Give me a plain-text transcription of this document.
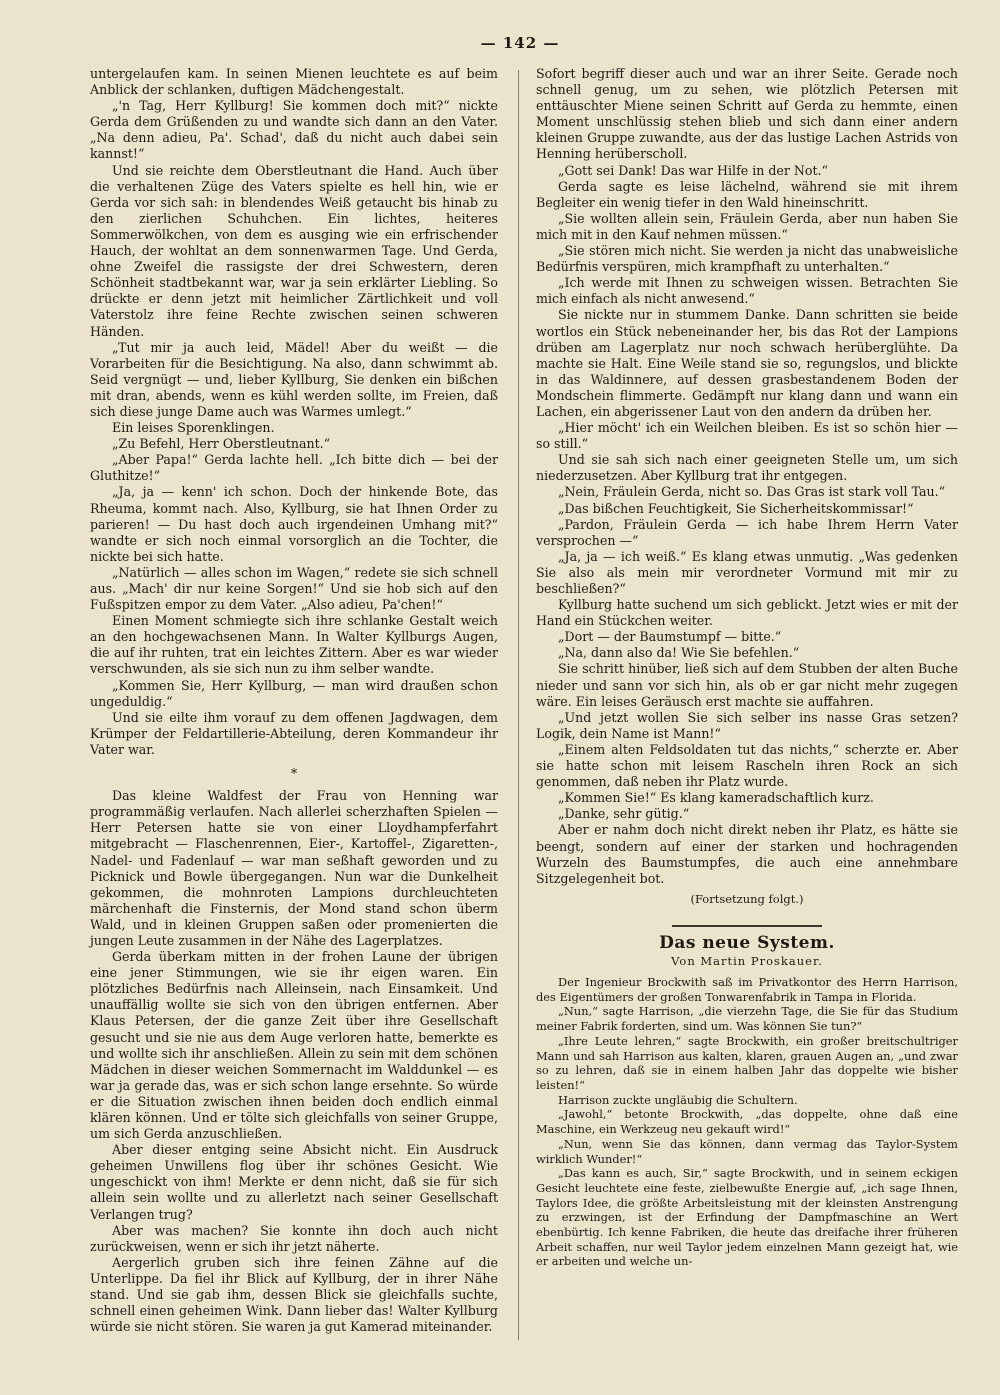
— 142 —

untergelaufen kam. In seinen Mienen leuchtete es auf beim Anblick der schlanken, duftigen Mädchengestalt.

„'n Tag, Herr Kyllburg! Sie kommen doch mit?“ nickte Gerda dem Grüßenden zu und wandte sich dann an den Vater. „Na denn adieu, Pa'. Schad', daß du nicht auch dabei sein kannst!“

Und sie reichte dem Oberstleutnant die Hand. Auch über die verhaltenen Züge des Vaters spielte es hell hin, wie er Gerda vor sich sah: in blendendes Weiß getaucht bis hinab zu den zierlichen Schuhchen. Ein lichtes, heiteres Sommerwölkchen, von dem es ausging wie ein erfrischender Hauch, der wohltat an dem sonnenwarmen Tage. Und Gerda, ohne Zweifel die rassigste der drei Schwestern, deren Schönheit stadtbekannt war, war ja sein erklärter Liebling. So drückte er denn jetzt mit heimlicher Zärtlichkeit und voll Vaterstolz ihre feine Rechte zwischen seinen schweren Händen.

„Tut mir ja auch leid, Mädel! Aber du weißt — die Vorarbeiten für die Besichtigung. Na also, dann schwimmt ab. Seid vergnügt — und, lieber Kyllburg, Sie denken ein bißchen mit dran, abends, wenn es kühl werden sollte, im Freien, daß sich diese junge Dame auch was Warmes umlegt.“

Ein leises Sporenklingen.

„Zu Befehl, Herr Oberstleutnant.“

„Aber Papa!“ Gerda lachte hell. „Ich bitte dich — bei der Gluthitze!“

„Ja, ja — kenn' ich schon. Doch der hinkende Bote, das Rheuma, kommt nach. Also, Kyllburg, sie hat Ihnen Order zu parieren! — Du hast doch auch irgendeinen Umhang mit?“ wandte er sich noch einmal vorsorglich an die Tochter, die nickte bei sich hatte.

„Natürlich — alles schon im Wagen,“ redete sie sich schnell aus. „Mach' dir nur keine Sorgen!“ Und sie hob sich auf den Fußspitzen empor zu dem Vater. „Also adieu, Pa'chen!“

Einen Moment schmiegte sich ihre schlanke Gestalt weich an den hochgewachsenen Mann. In Walter Kyllburgs Augen, die auf ihr ruhten, trat ein leichtes Zittern. Aber es war wieder verschwunden, als sie sich nun zu ihm selber wandte.

„Kommen Sie, Herr Kyllburg, — man wird draußen schon ungeduldig.“

Und sie eilte ihm vorauf zu dem offenen Jagdwagen, dem Krümper der Feldartillerie-Abteilung, deren Kommandeur ihr Vater war.

*

Das kleine Waldfest der Frau von Henning war programmäßig verlaufen. Nach allerlei scherzhaften Spielen — Herr Petersen hatte sie von einer Lloydhampferfahrt mitgebracht — Flaschenrennen, Eier-, Kartoffel-, Zigaretten-, Nadel- und Fadenlauf — war man seßhaft geworden und zu Picknick und Bowle übergegangen. Nun war die Dunkelheit gekommen, die mohnroten Lampions durchleuchteten märchenhaft die Finsternis, der Mond stand schon überm Wald, und in kleinen Gruppen saßen oder promenierten die jungen Leute zusammen in der Nähe des Lagerplatzes.

Gerda überkam mitten in der frohen Laune der übrigen eine jener Stimmungen, wie sie ihr eigen waren. Ein plötzliches Bedürfnis nach Alleinsein, nach Einsamkeit. Und unauffällig wollte sie sich von den übrigen entfernen. Aber Klaus Petersen, der die ganze Zeit über ihre Gesellschaft gesucht und sie nie aus dem Auge verloren hatte, bemerkte es und wollte sich ihr anschließen. Allein zu sein mit dem schönen Mädchen in dieser weichen Sommernacht im Walddunkel — es war ja gerade das, was er sich schon lange ersehnte. So würde er die Situation zwischen ihnen beiden doch endlich einmal klären können. Und er tölte sich gleichfalls von seiner Gruppe, um sich Gerda anzuschließen.

Aber dieser entging seine Absicht nicht. Ein Ausdruck geheimen Unwillens flog über ihr schönes Gesicht. Wie ungeschickt von ihm! Merkte er denn nicht, daß sie für sich allein sein wollte und zu allerletzt nach seiner Gesellschaft Verlangen trug?

Aber was machen? Sie konnte ihn doch auch nicht zurückweisen, wenn er sich ihr jetzt näherte.

Aergerlich gruben sich ihre feinen Zähne auf die Unterlippe. Da fiel ihr Blick auf Kyllburg, der in ihrer Nähe stand. Und sie gab ihm, dessen Blick sie gleichfalls suchte, schnell einen geheimen Wink. Dann lieber das! Walter Kyllburg würde sie nicht stören. Sie waren ja gut Kamerad miteinander.

Sofort begriff dieser auch und war an ihrer Seite. Gerade noch schnell genug, um zu sehen, wie plötzlich Petersen mit enttäuschter Miene seinen Schritt auf Gerda zu hemmte, einen Moment unschlüssig stehen blieb und sich dann einer andern kleinen Gruppe zuwandte, aus der das lustige Lachen Astrids von Henning herüberscholl.

„Gott sei Dank! Das war Hilfe in der Not.“

Gerda sagte es leise lächelnd, während sie mit ihrem Begleiter ein wenig tiefer in den Wald hineinschritt.

„Sie wollten allein sein, Fräulein Gerda, aber nun haben Sie mich mit in den Kauf nehmen müssen.“

„Sie stören mich nicht. Sie werden ja nicht das unabweisliche Bedürfnis verspüren, mich krampfhaft zu unterhalten.“

„Ich werde mit Ihnen zu schweigen wissen. Betrachten Sie mich einfach als nicht anwesend.“

Sie nickte nur in stummem Danke. Dann schritten sie beide wortlos ein Stück nebeneinander her, bis das Rot der Lampions drüben am Lagerplatz nur noch schwach herüberglühte. Da machte sie Halt. Eine Weile stand sie so, regungslos, und blickte in das Waldinnere, auf dessen grasbestandenem Boden der Mondschein flimmerte. Gedämpft nur klang dann und wann ein Lachen, ein abgerissener Laut von den andern da drüben her.

„Hier möcht' ich ein Weilchen bleiben. Es ist so schön hier — so still.“

Und sie sah sich nach einer geeigneten Stelle um, um sich niederzusetzen. Aber Kyllburg trat ihr entgegen.

„Nein, Fräulein Gerda, nicht so. Das Gras ist stark voll Tau.“

„Das bißchen Feuchtigkeit, Sie Sicherheitskommissar!“

„Pardon, Fräulein Gerda — ich habe Ihrem Herrn Vater versprochen —“

„Ja, ja — ich weiß.“ Es klang etwas unmutig. „Was gedenken Sie also als mein mir verordneter Vormund mit mir zu beschließen?“

Kyllburg hatte suchend um sich geblickt. Jetzt wies er mit der Hand ein Stückchen weiter.

„Dort — der Baumstumpf — bitte.“

„Na, dann also da! Wie Sie befehlen.“

Sie schritt hinüber, ließ sich auf dem Stubben der alten Buche nieder und sann vor sich hin, als ob er gar nicht mehr zugegen wäre. Ein leises Geräusch erst machte sie auffahren.

„Und jetzt wollen Sie sich selber ins nasse Gras setzen? Logik, dein Name ist Mann!“

„Einem alten Feldsoldaten tut das nichts,“ scherzte er. Aber sie hatte schon mit leisem Rascheln ihren Rock an sich genommen, daß neben ihr Platz wurde.

„Kommen Sie!“ Es klang kameradschaftlich kurz.

„Danke, sehr gütig.“

Aber er nahm doch nicht direkt neben ihr Platz, es hätte sie beengt, sondern auf einer der starken und hochragenden Wurzeln des Baumstumpfes, die auch eine annehmbare Sitzgelegenheit bot.

(Fortsetzung folgt.)
Das neue System.
Von Martin Proskauer.

Der Ingenieur Brockwith saß im Privatkontor des Herrn Harrison, des Eigentümers der großen Tonwarenfabrik in Tampa in Florida.

„Nun,“ sagte Harrison, „die vierzehn Tage, die Sie für das Studium meiner Fabrik forderten, sind um. Was können Sie tun?“

„Ihre Leute lehren,“ sagte Brockwith, ein großer breitschultriger Mann und sah Harrison aus kalten, klaren, grauen Augen an, „und zwar so zu lehren, daß sie in einem halben Jahr das doppelte wie bisher leisten!“

Harrison zuckte ungläubig die Schultern.

„Jawohl,“ betonte Brockwith, „das doppelte, ohne daß eine Maschine, ein Werkzeug neu gekauft wird!“

„Nun, wenn Sie das können, dann vermag das Taylor-System wirklich Wunder!“

„Das kann es auch, Sir,“ sagte Brockwith, und in seinem eckigen Gesicht leuchtete eine feste, zielbewußte Energie auf, „ich sage Ihnen, Taylors Idee, die größte Arbeitsleistung mit der kleinsten Anstrengung zu erzwingen, ist der Erfindung der Dampfmaschine an Wert ebenbürtig. Ich kenne Fabriken, die heute das dreifache ihrer früheren Arbeit schaffen, nur weil Taylor jedem einzelnen Mann gezeigt hat, wie er arbeiten und welche un-
